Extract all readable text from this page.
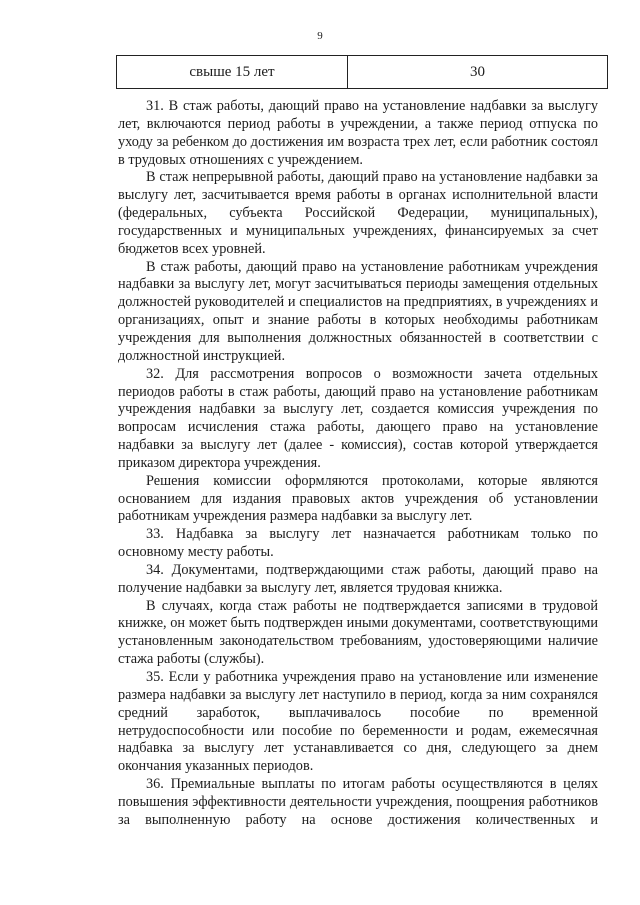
9
свыше 15 лет	30

31. В стаж работы, дающий право на установление надбавки за выслугу лет, включаются период работы в учреждении, а также период отпуска по уходу за ребенком до достижения им возраста трех лет, если работник состоял в трудовых отношениях с учреждением.

В стаж непрерывной работы, дающий право на установление надбавки за выслугу лет, засчитывается время работы в органах исполнительной власти (федеральных, субъекта Российской Федерации, муниципальных), государственных и муниципальных учреждениях, финансируемых за счет бюджетов всех уровней.

В стаж работы, дающий право на установление работникам учреждения надбавки за выслугу лет, могут засчитываться периоды замещения отдельных должностей руководителей и специалистов на предприятиях, в учреждениях и организациях, опыт и знание работы в которых необходимы работникам учреждения для выполнения должностных обязанностей в соответствии с должностной инструкцией.

32. Для рассмотрения вопросов о возможности зачета отдельных периодов работы в стаж работы, дающий право на установление работникам учреждения надбавки за выслугу лет, создается комиссия учреждения по вопросам исчисления стажа работы, дающего право на установление надбавки за выслугу лет (далее - комиссия), состав которой утверждается приказом директора учреждения.

Решения комиссии оформляются протоколами, которые являются основанием для издания правовых актов учреждения об установлении работникам учреждения размера надбавки за выслугу лет.

33. Надбавка за выслугу лет назначается работникам только по основному месту работы.

34. Документами, подтверждающими стаж работы, дающий право на получение надбавки за выслугу лет, является трудовая книжка.

В случаях, когда стаж работы не подтверждается записями в трудовой книжке, он может быть подтвержден иными документами, соответствующими установленным законодательством требованиям, удостоверяющими наличие стажа работы (службы).

35. Если у работника учреждения право на установление или изменение размера надбавки за выслугу лет наступило в период, когда за ним сохранялся средний заработок, выплачивалось пособие по временной нетрудоспособности или пособие по беременности и родам, ежемесячная надбавка за выслугу лет устанавливается со дня, следующего за днем окончания указанных периодов.

36. Премиальные выплаты по итогам работы осуществляются в целях повышения эффективности деятельности учреждения, поощрения работников за выполненную работу на основе достижения количественных и
